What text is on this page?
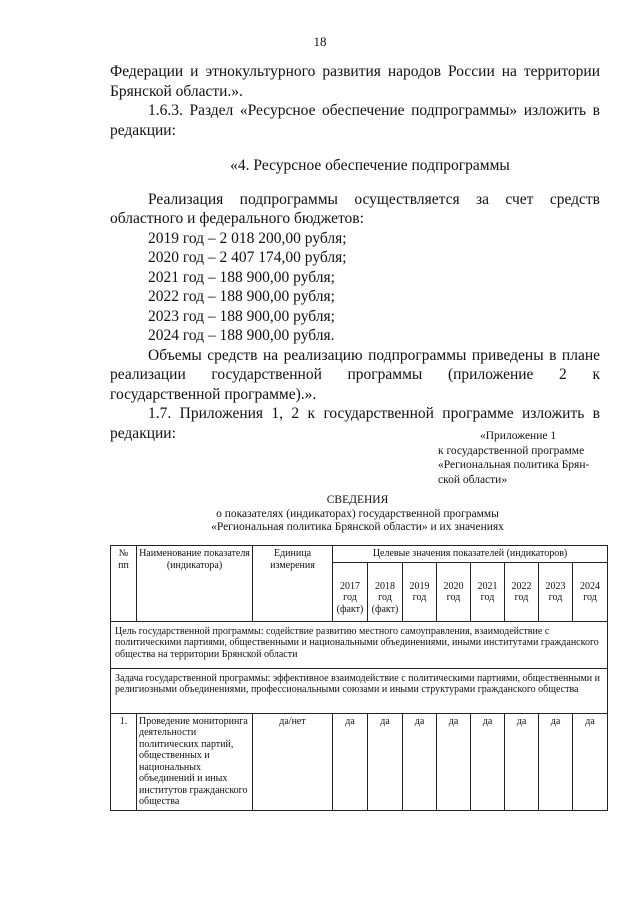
18

Федерации и этнокультурного развития народов России на территории Брянской области.».

1.6.3. Раздел «Ресурсное обеспечение подпрограммы» изложить в редакции:

«4. Ресурсное обеспечение подпрограммы

Реализация подпрограммы осуществляется за счет средств областного и федерального бюджетов:

2019 год – 2 018 200,00 рубля;

2020 год – 2 407 174,00 рубля;

2021 год – 188 900,00 рубля;

2022 год – 188 900,00 рубля;

2023 год – 188 900,00 рубля;

2024 год – 188 900,00 рубля.

Объемы средств на реализацию подпрограммы приведены в плане реализации государственной программы (приложение 2 к государственной программе).».

1.7. Приложения 1, 2 к государственной программе изложить в редакции:	«Приложение 1
к государственной программе
«Региональная политика Брян-
ской области»
СВЕДЕНИЯ
о показателях (индикаторах) государственной программы
«Региональная политика Брянской области» и их значениях
№ пп	Наименование показателя (индикатора)	Единица измерения	Целевые значения показателей (индикаторов)							
			2017 год (факт)	2018 год (факт)	2019 год	2020 год	2021 год	2022 год	2023 год	2024 год
Цель государственной программы: содействие развитию местного самоуправления, взаимодействие с политическими партиями, общественными и национальными объединениями, иными институтами гражданского общества на территории Брянской области										
Задача государственной программы: эффективное взаимодействие с политическими партиями, общественными и религиозными объединениями, профессиональными союзами и иными структурами гражданского общества										
1.	Проведение мониторинга деятельности политических партий, общественных и национальных объединений и иных институтов гражданского общества	да/нет	да	да	да	да	да	да	да	да
